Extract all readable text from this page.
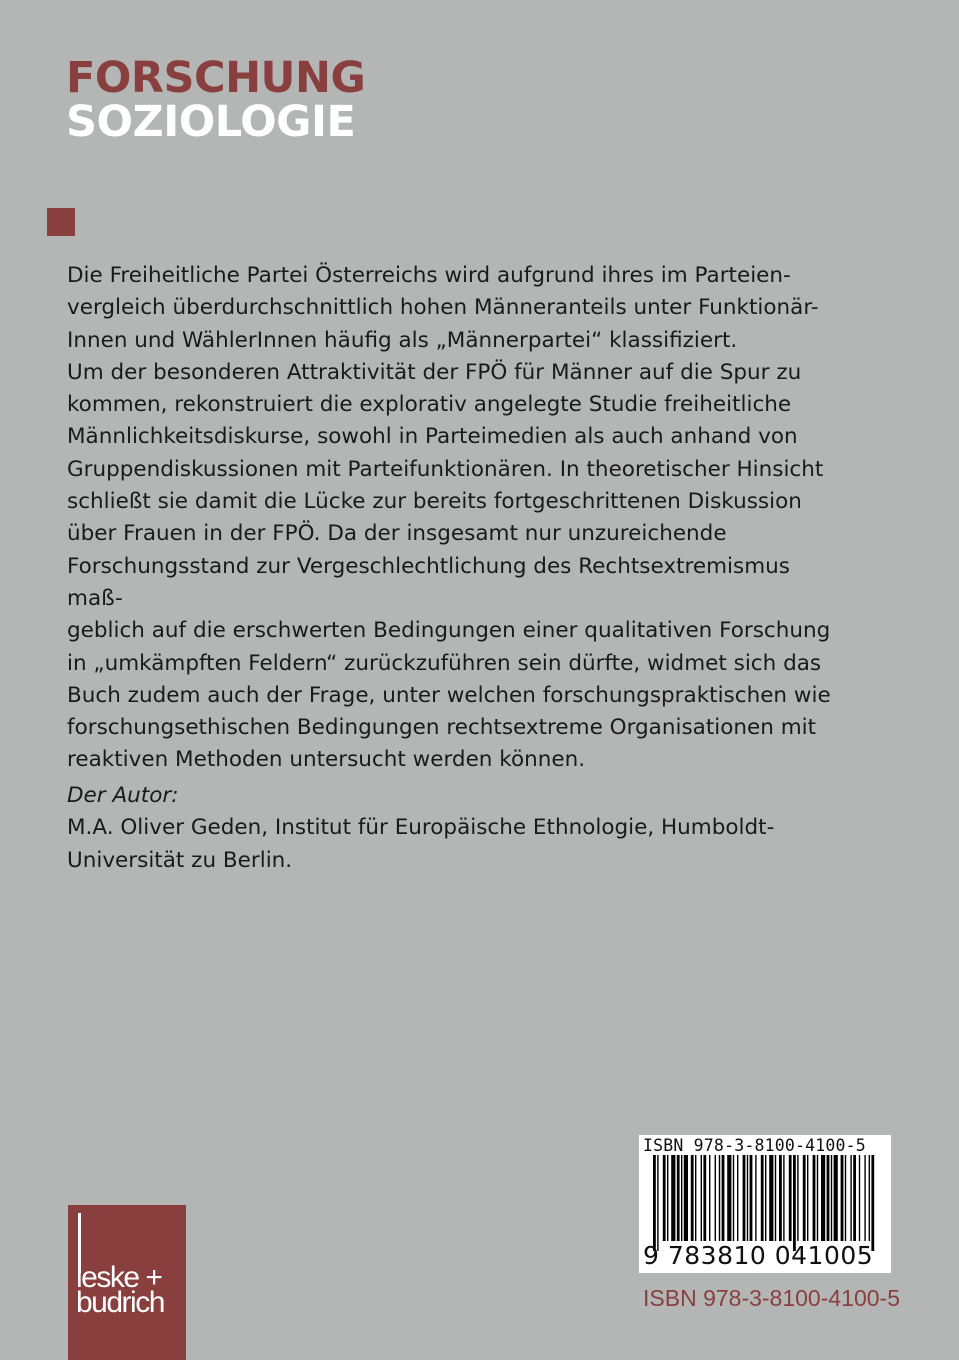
FORSCHUNG
SOZIOLOGIE

Die Freiheitliche Partei Österreichs wird aufgrund ihres im Parteien-
vergleich überdurchschnittlich hohen Männeranteils unter Funktionär-
Innen und WählerInnen häufig als „Männerpartei“ klassifiziert.
Um der besonderen Attraktivität der FPÖ für Männer auf die Spur zu
kommen, rekonstruiert die explorativ angelegte Studie freiheitliche
Männlichkeitsdiskurse, sowohl in Parteimedien als auch anhand von
Gruppendiskussionen mit Parteifunktionären. In theoretischer Hinsicht
schließt sie damit die Lücke zur bereits fortgeschrittenen Diskussion
über Frauen in der FPÖ. Da der insgesamt nur unzureichende
Forschungsstand zur Vergeschlechtlichung des Rechtsextremismus maß-
geblich auf die erschwerten Bedingungen einer qualitativen Forschung
in „umkämpften Feldern“ zurückzuführen sein dürfte, widmet sich das
Buch zudem auch der Frage, unter welchen forschungspraktischen wie
forschungsethischen Bedingungen rechtsextreme Organisationen mit
reaktiven Methoden untersucht werden können.

Der Autor:
M.A. Oliver Geden, Institut für Europäische Ethnologie, Humboldt-
Universität zu Berlin.
ISBN 978-3-8100-4100-5
9 783810 041005
ISBN 978-3-8100-4100-5
leske +
budrich
